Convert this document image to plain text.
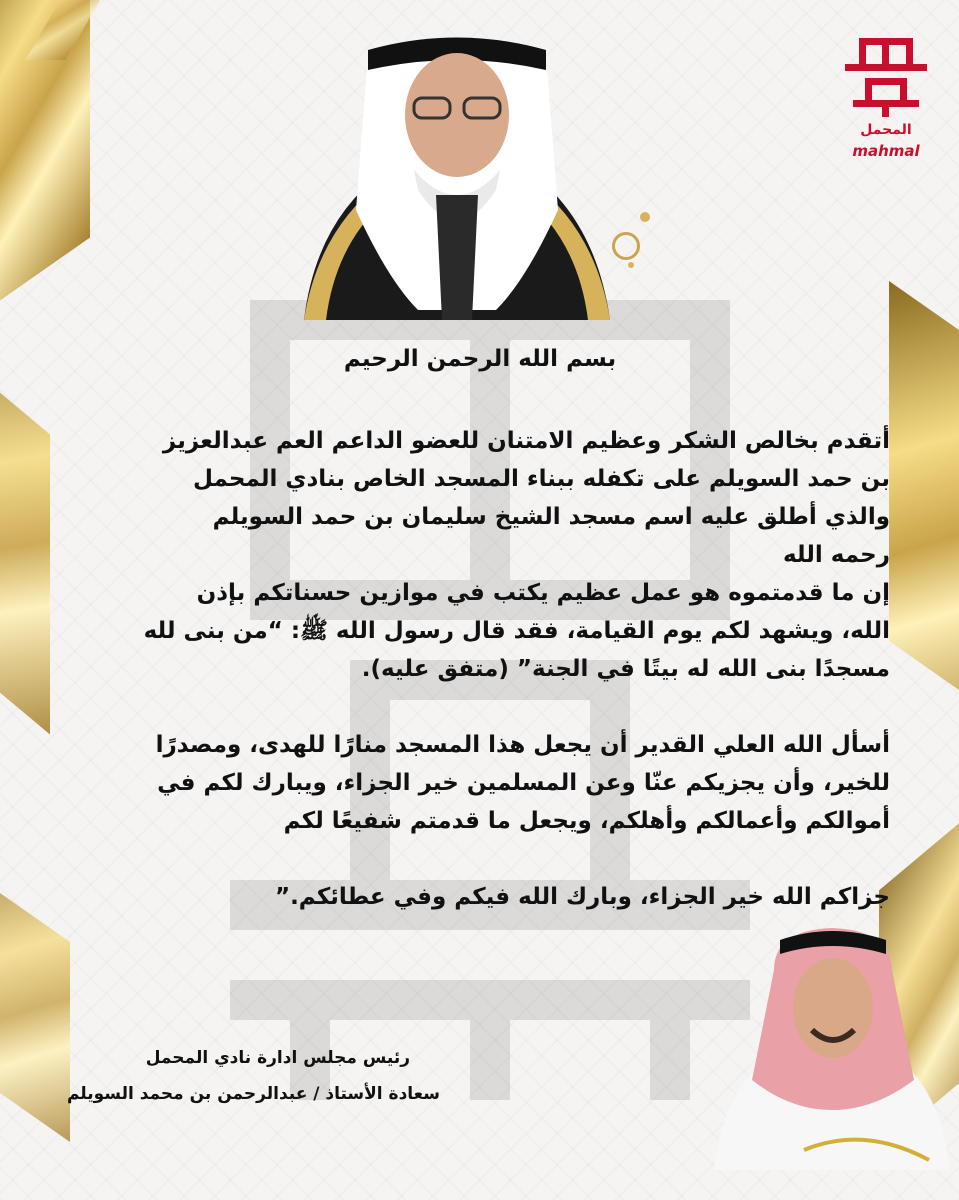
المحمل
mahmal

بسم الله الرحمن الرحيم

أتقدم بخالص الشكر وعظيم الامتنان للعضو الداعم العم عبدالعزيز

بن حمد السويلم على تكفله ببناء المسجد الخاص بنادي المحمل

والذي أطلق عليه اسم مسجد الشيخ سليمان بن حمد السويلم

رحمه الله

إن ما قدمتموه هو عمل عظيم يكتب في موازين حسناتكم بإذن

الله، ويشهد لكم يوم القيامة، فقد قال رسول الله ﷺ: “من بنى لله

مسجدًا بنى الله له بيتًا في الجنة” (متفق عليه).

أسأل الله العلي القدير أن يجعل هذا المسجد منارًا للهدى، ومصدرًا

للخير، وأن يجزيكم عنّا وعن المسلمين خير الجزاء، ويبارك لكم في

أموالكم وأعمالكم وأهلكم، ويجعل ما قدمتم شفيعًا لكم

جزاكم الله خير الجزاء، وبارك الله فيكم وفي عطائكم.”

رئيس مجلس ادارة نادي المحمل
سعادة الأستاذ / عبدالرحمن بن محمد السويلم
